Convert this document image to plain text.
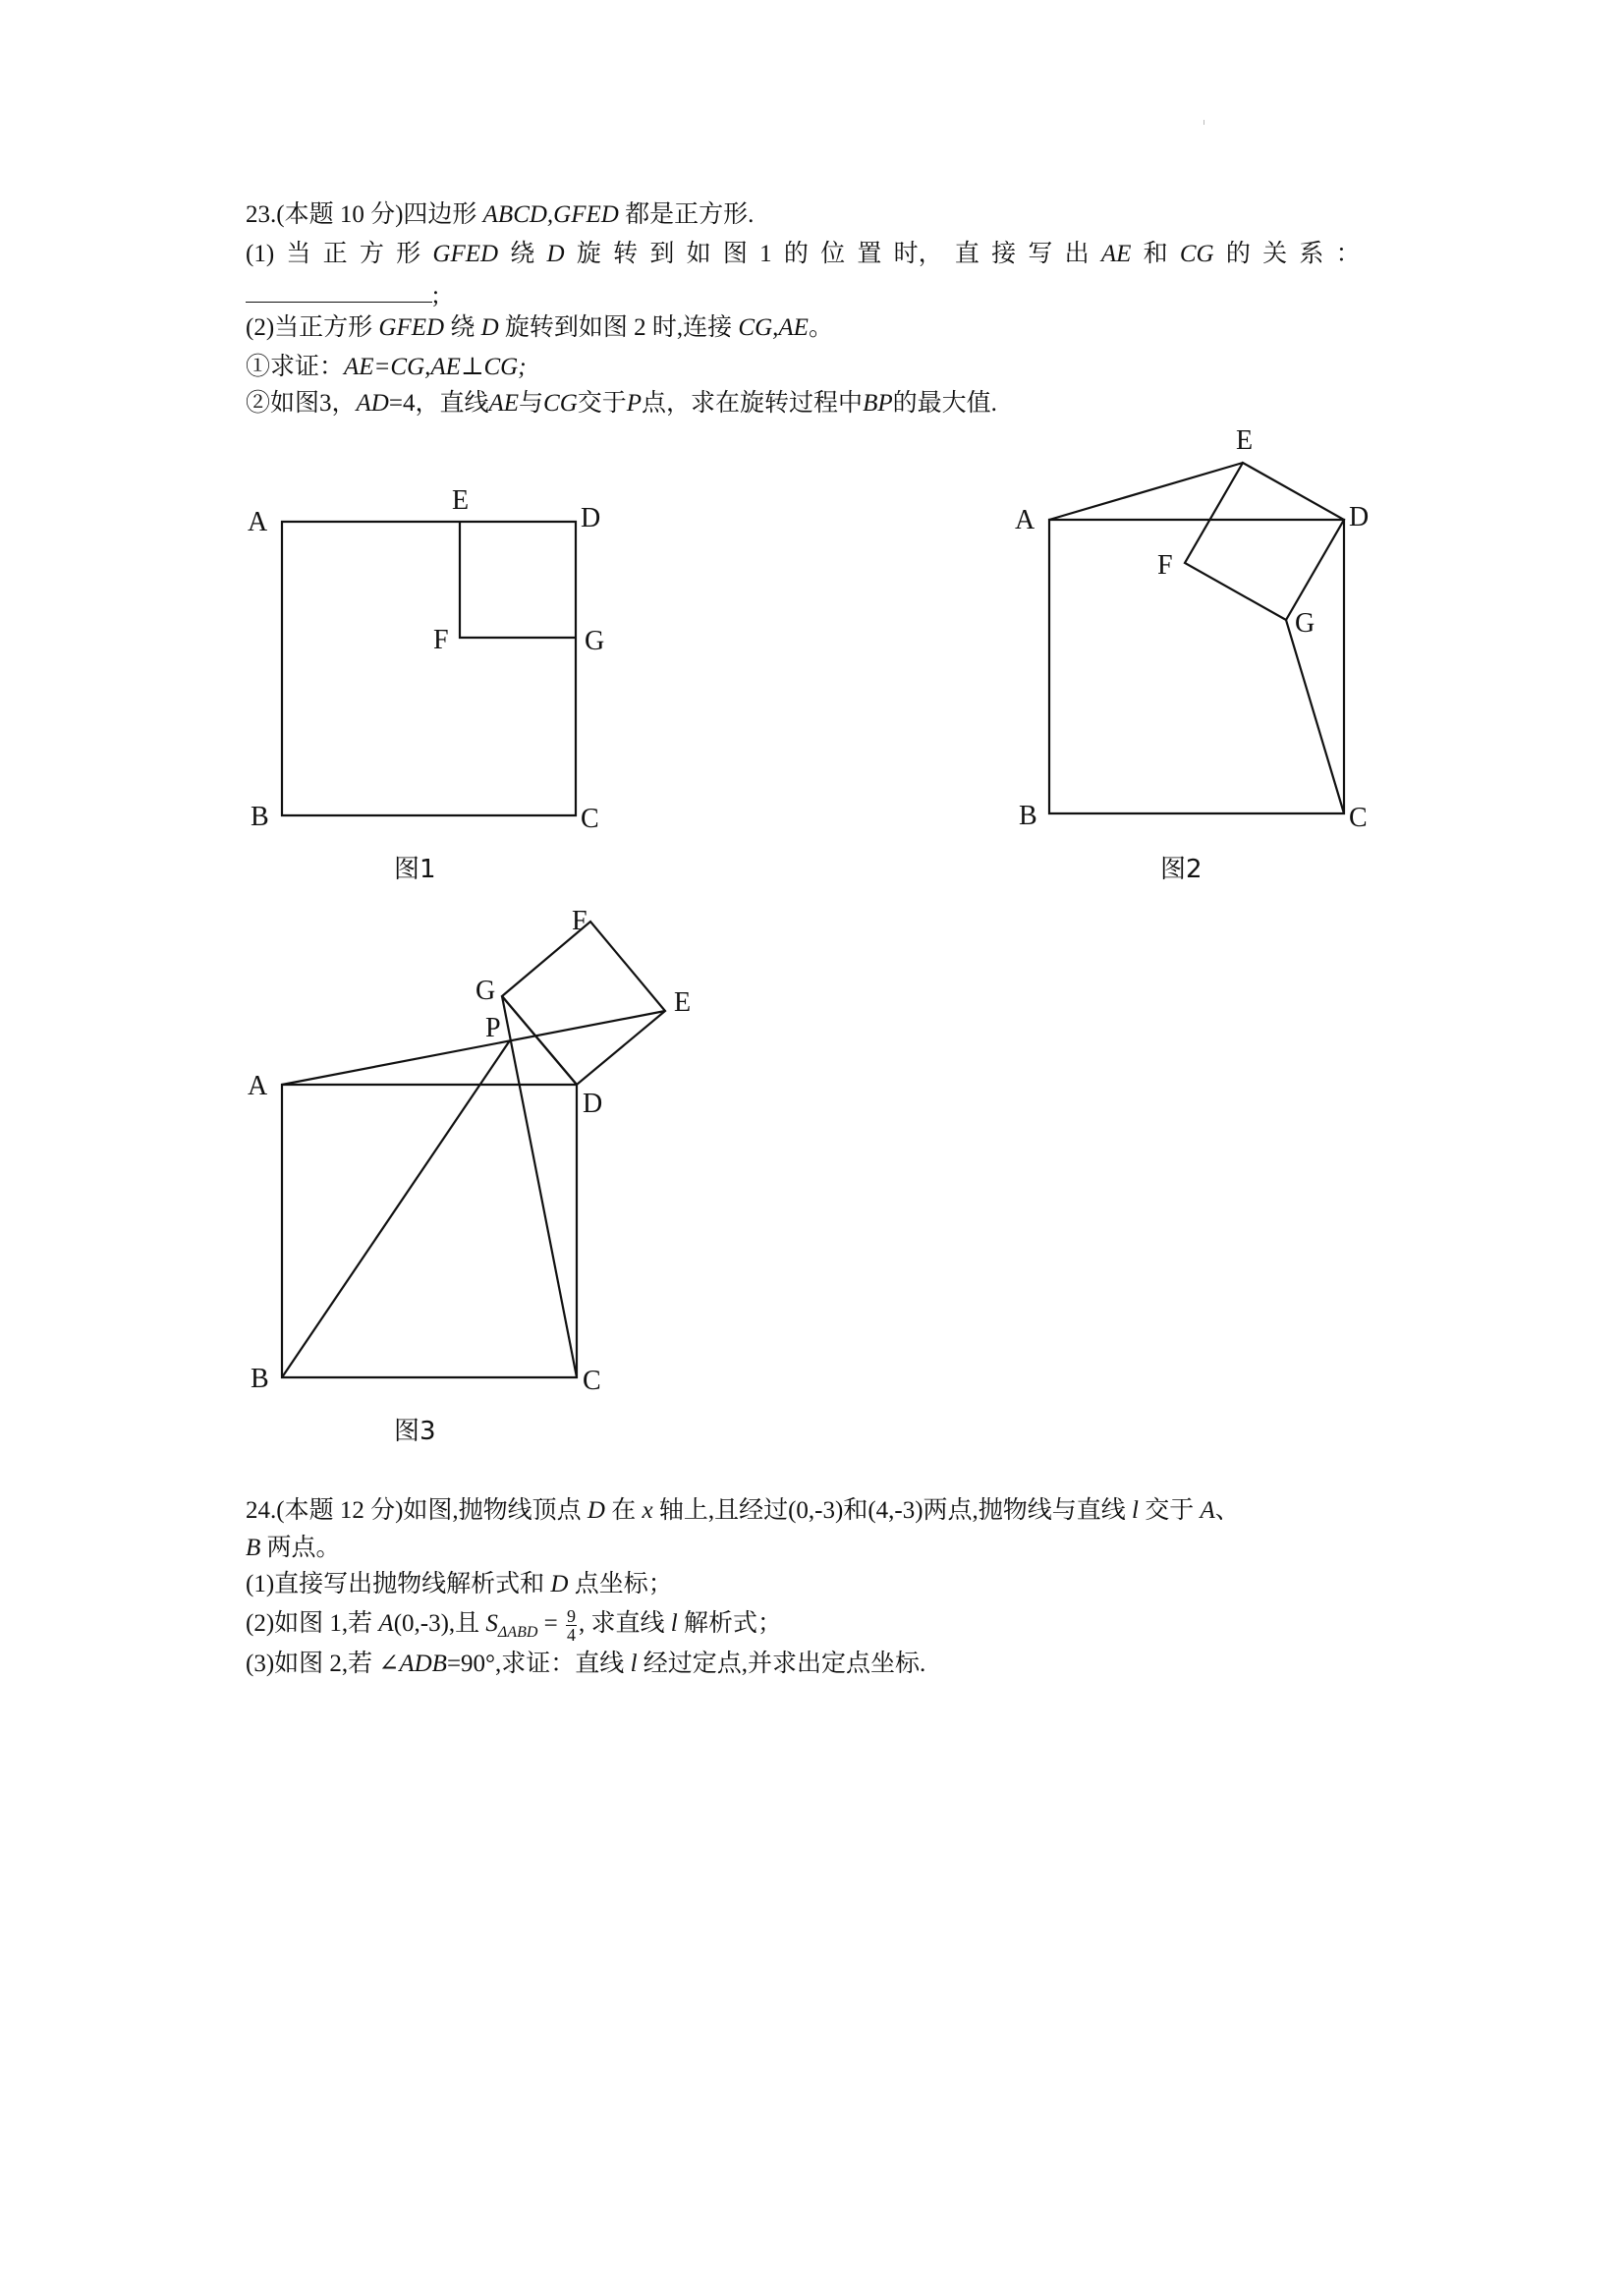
23.(本题 10 分)四边形 ABCD,GFED 都是正方形.
(1) 当 正 方 形 GFED 绕 D 旋 转 到 如 图 1 的 位 置 时， 直 接 写 出 AE 和 CG 的 关 系 ：
;
(2)当正方形 GFED 绕 D 旋转到如图 2 时,连接 CG,AE。
①求证：AE=CG,AE⊥CG;
②如图3，AD=4，直线AE与CG交于P点，求在旋转过程中BP的最大值.
A	D
E
F	G
B	C
图1
A	D
E
F
G
B	C
图2
F
G	E
P
A
D
B	C
图3
24.(本题 12 分)如图,抛物线顶点 D 在 x 轴上,且经过(0,-3)和(4,-3)两点,抛物线与直线 l 交于 A、
B 两点。
(1)直接写出抛物线解析式和 D 点坐标；
(2)如图 1,若 A(0,-3),且 $S_{\Delta ABD} = \frac{9}{4}$ , 求直线 l 解析式；
(3)如图 2,若 ∠ADB=90°,求证：直线 l 经过定点,并求出定点坐标.
